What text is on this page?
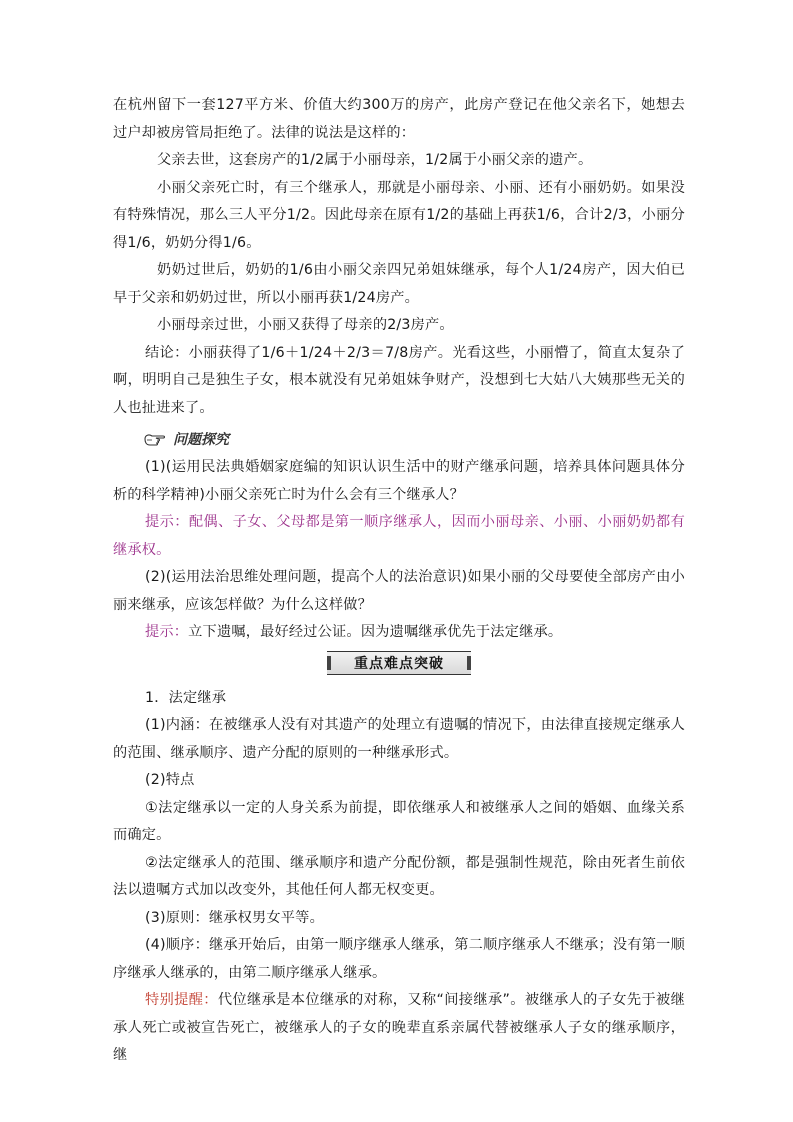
在杭州留下一套127平方米、价值大约300万的房产，此房产登记在他父亲名下，她想去过户却被房管局拒绝了。法律的说法是这样的：

父亲去世，这套房产的1/2属于小丽母亲，1/2属于小丽父亲的遗产。

小丽父亲死亡时，有三个继承人，那就是小丽母亲、小丽、还有小丽奶奶。如果没有特殊情况，那么三人平分1/2。因此母亲在原有1/2的基础上再获1/6，合计2/3，小丽分得1/6，奶奶分得1/6。

奶奶过世后，奶奶的1/6由小丽父亲四兄弟姐妹继承，每个人1/24房产，因大伯已早于父亲和奶奶过世，所以小丽再获1/24房产。

小丽母亲过世，小丽又获得了母亲的2/3房产。

结论：小丽获得了1/6＋1/24＋2/3＝7/8房产。光看这些，小丽懵了，简直太复杂了啊，明明自己是独生子女，根本就没有兄弟姐妹争财产，没想到七大姑八大姨那些无关的人也扯进来了。

问题探究

(1)(运用民法典婚姻家庭编的知识认识生活中的财产继承问题，培养具体问题具体分析的科学精神)小丽父亲死亡时为什么会有三个继承人？

提示：配偶、子女、父母都是第一顺序继承人，因而小丽母亲、小丽、小丽奶奶都有继承权。

(2)(运用法治思维处理问题，提高个人的法治意识)如果小丽的父母要使全部房产由小丽来继承，应该怎样做？为什么这样做？

提示：立下遗嘱，最好经过公证。因为遗嘱继承优先于法定继承。

重点难点突破

1．法定继承

(1)内涵：在被继承人没有对其遗产的处理立有遗嘱的情况下，由法律直接规定继承人的范围、继承顺序、遗产分配的原则的一种继承形式。

(2)特点

①法定继承以一定的人身关系为前提，即依继承人和被继承人之间的婚姻、血缘关系而确定。

②法定继承人的范围、继承顺序和遗产分配份额，都是强制性规范，除由死者生前依法以遗嘱方式加以改变外，其他任何人都无权变更。

(3)原则：继承权男女平等。

(4)顺序：继承开始后，由第一顺序继承人继承，第二顺序继承人不继承；没有第一顺序继承人继承的，由第二顺序继承人继承。

特别提醒：代位继承是本位继承的对称，又称“间接继承”。被继承人的子女先于被继承人死亡或被宣告死亡，被继承人的子女的晚辈直系亲属代替被继承人子女的继承顺序，继
